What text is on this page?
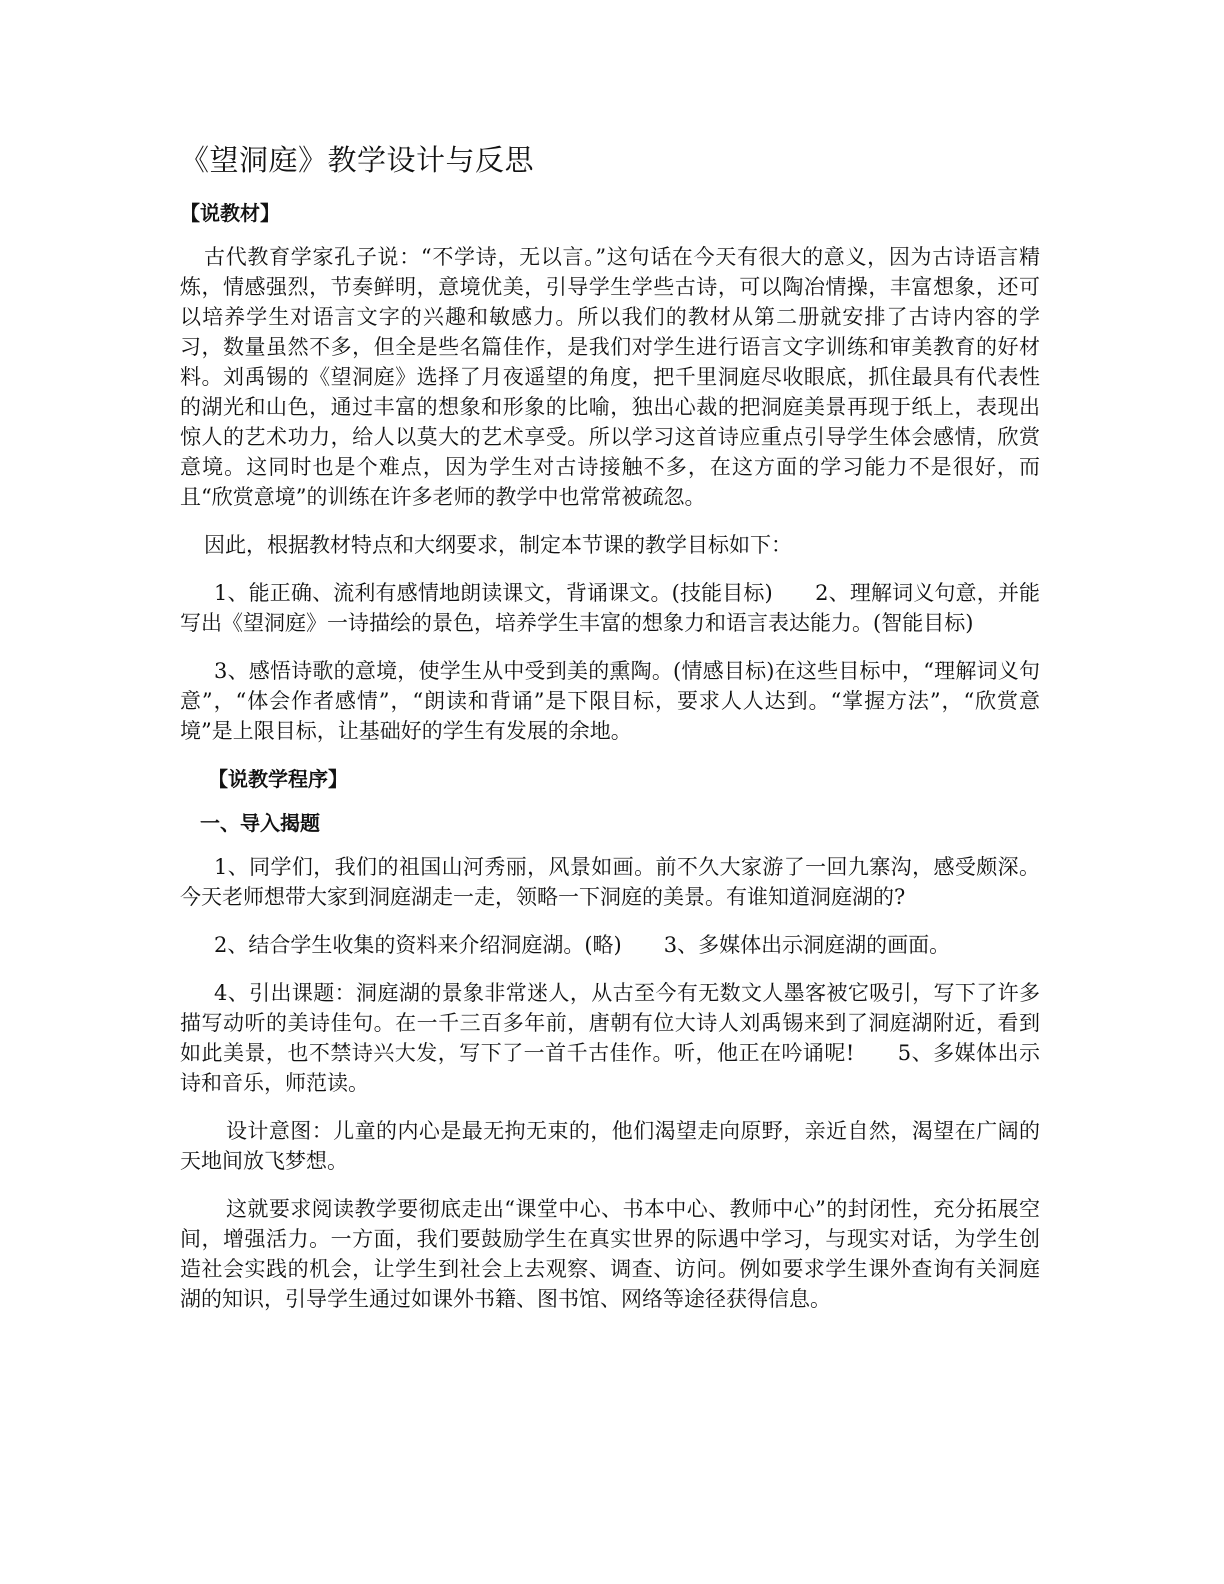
《望洞庭》教学设计与反思
【说教材】

古代教育学家孔子说：“不学诗，无以言。”这句话在今天有很大的意义，因为古诗语言精炼，情感强烈，节奏鲜明，意境优美，引导学生学些古诗，可以陶冶情操，丰富想象，还可以培养学生对语言文字的兴趣和敏感力。所以我们的教材从第二册就安排了古诗内容的学习，数量虽然不多，但全是些名篇佳作，是我们对学生进行语言文字训练和审美教育的好材料。刘禹锡的《望洞庭》选择了月夜遥望的角度，把千里洞庭尽收眼底，抓住最具有代表性的湖光和山色，通过丰富的想象和形象的比喻，独出心裁的把洞庭美景再现于纸上，表现出惊人的艺术功力，给人以莫大的艺术享受。所以学习这首诗应重点引导学生体会感情，欣赏意境。这同时也是个难点，因为学生对古诗接触不多，在这方面的学习能力不是很好，而且“欣赏意境”的训练在许多老师的教学中也常常被疏忽。

因此，根据教材特点和大纲要求，制定本节课的教学目标如下：

1、能正确、流利有感情地朗读课文，背诵课文。(技能目标)　　2、理解词义句意，并能写出《望洞庭》一诗描绘的景色，培养学生丰富的想象力和语言表达能力。(智能目标)

3、感悟诗歌的意境，使学生从中受到美的熏陶。(情感目标)在这些目标中，“理解词义句意”，“体会作者感情”，“朗读和背诵”是下限目标，要求人人达到。“掌握方法”，“欣赏意境”是上限目标，让基础好的学生有发展的余地。

【说教学程序】
一、导入揭题

1、同学们，我们的祖国山河秀丽，风景如画。前不久大家游了一回九寨沟，感受颇深。今天老师想带大家到洞庭湖走一走，领略一下洞庭的美景。有谁知道洞庭湖的?

2、结合学生收集的资料来介绍洞庭湖。(略)　　3、多媒体出示洞庭湖的画面。

4、引出课题：洞庭湖的景象非常迷人，从古至今有无数文人墨客被它吸引，写下了许多描写动听的美诗佳句。在一千三百多年前，唐朝有位大诗人刘禹锡来到了洞庭湖附近，看到如此美景，也不禁诗兴大发，写下了一首千古佳作。听，他正在吟诵呢!　　5、多媒体出示诗和音乐，师范读。

设计意图：儿童的内心是最无拘无束的，他们渴望走向原野，亲近自然，渴望在广阔的天地间放飞梦想。

这就要求阅读教学要彻底走出“课堂中心、书本中心、教师中心”的封闭性，充分拓展空间，增强活力。一方面，我们要鼓励学生在真实世界的际遇中学习，与现实对话，为学生创造社会实践的机会，让学生到社会上去观察、调查、访问。例如要求学生课外查询有关洞庭湖的知识，引导学生通过如课外书籍、图书馆、网络等途径获得信息。
